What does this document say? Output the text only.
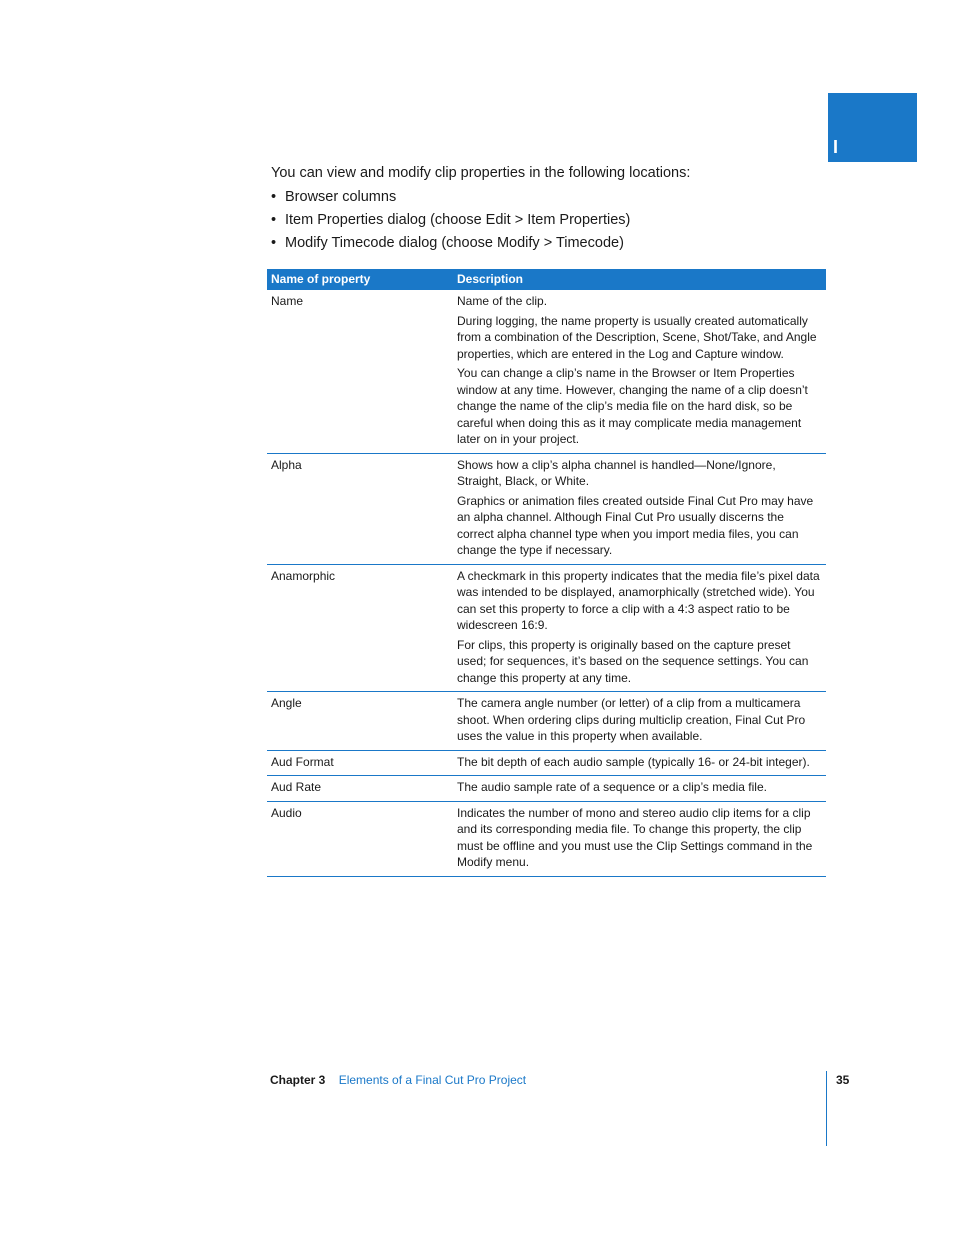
I

You can view and modify clip properties in the following locations:

• Browser columns
• Item Properties dialog (choose Edit > Item Properties)
• Modify Timecode dialog (choose Modify > Timecode)
Name of property	Description
Name	Name of the clip.

During logging, the name property is usually created automatically from a combination of the Description, Scene, Shot/Take, and Angle properties, which are entered in the Log and Capture window.

You can change a clip’s name in the Browser or Item Properties window at any time. However, changing the name of a clip doesn’t change the name of the clip’s media file on the hard disk, so be careful when doing this as it may complicate media management later on in your project.

Alpha	Shows how a clip’s alpha channel is handled—None/Ignore, Straight, Black, or White.

Graphics or animation files created outside Final Cut Pro may have an alpha channel. Although Final Cut Pro usually discerns the correct alpha channel type when you import media files, you can change the type if necessary.

Anamorphic	A checkmark in this property indicates that the media file’s pixel data was intended to be displayed, anamorphically (stretched wide). You can set this property to force a clip with a 4:3 aspect ratio to be widescreen 16:9.

For clips, this property is originally based on the capture preset used; for sequences, it’s based on the sequence settings. You can change this property at any time.

Angle	The camera angle number (or letter) of a clip from a multicamera shoot. When ordering clips during multiclip creation, Final Cut Pro uses the value in this property when available.

Aud Format	The bit depth of each audio sample (typically 16- or 24-bit integer).

Aud Rate	The audio sample rate of a sequence or a clip’s media file.

Audio	Indicates the number of mono and stereo audio clip items for a clip and its corresponding media file. To change this property, the clip must be offline and you must use the Clip Settings command in the Modify menu.

Chapter 3 Elements of a Final Cut Pro Project	35
